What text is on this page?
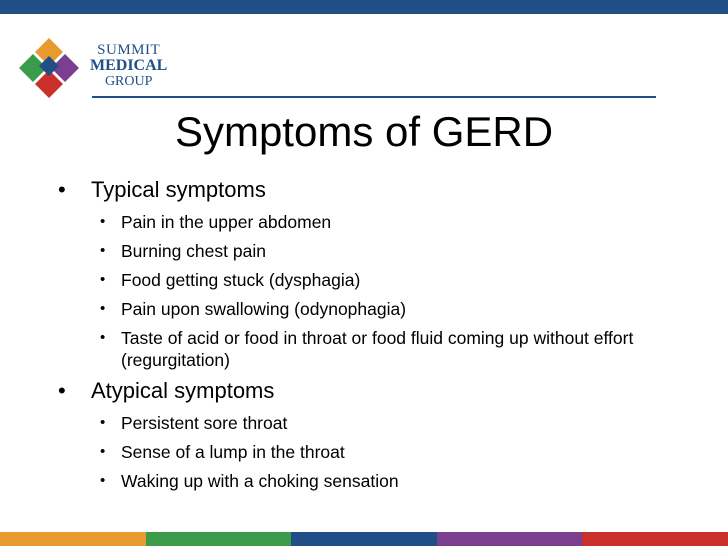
SUMMIT
MEDICAL
GROUP
Symptoms of GERD
• Typical symptoms
• Pain in the upper abdomen
• Burning chest pain
• Food getting stuck (dysphagia)
• Pain upon swallowing (odynophagia)
• Taste of acid or food in throat or food fluid coming up without effort (regurgitation)
• Atypical symptoms
• Persistent sore throat
• Sense of a lump in the throat
• Waking up with a choking sensation
